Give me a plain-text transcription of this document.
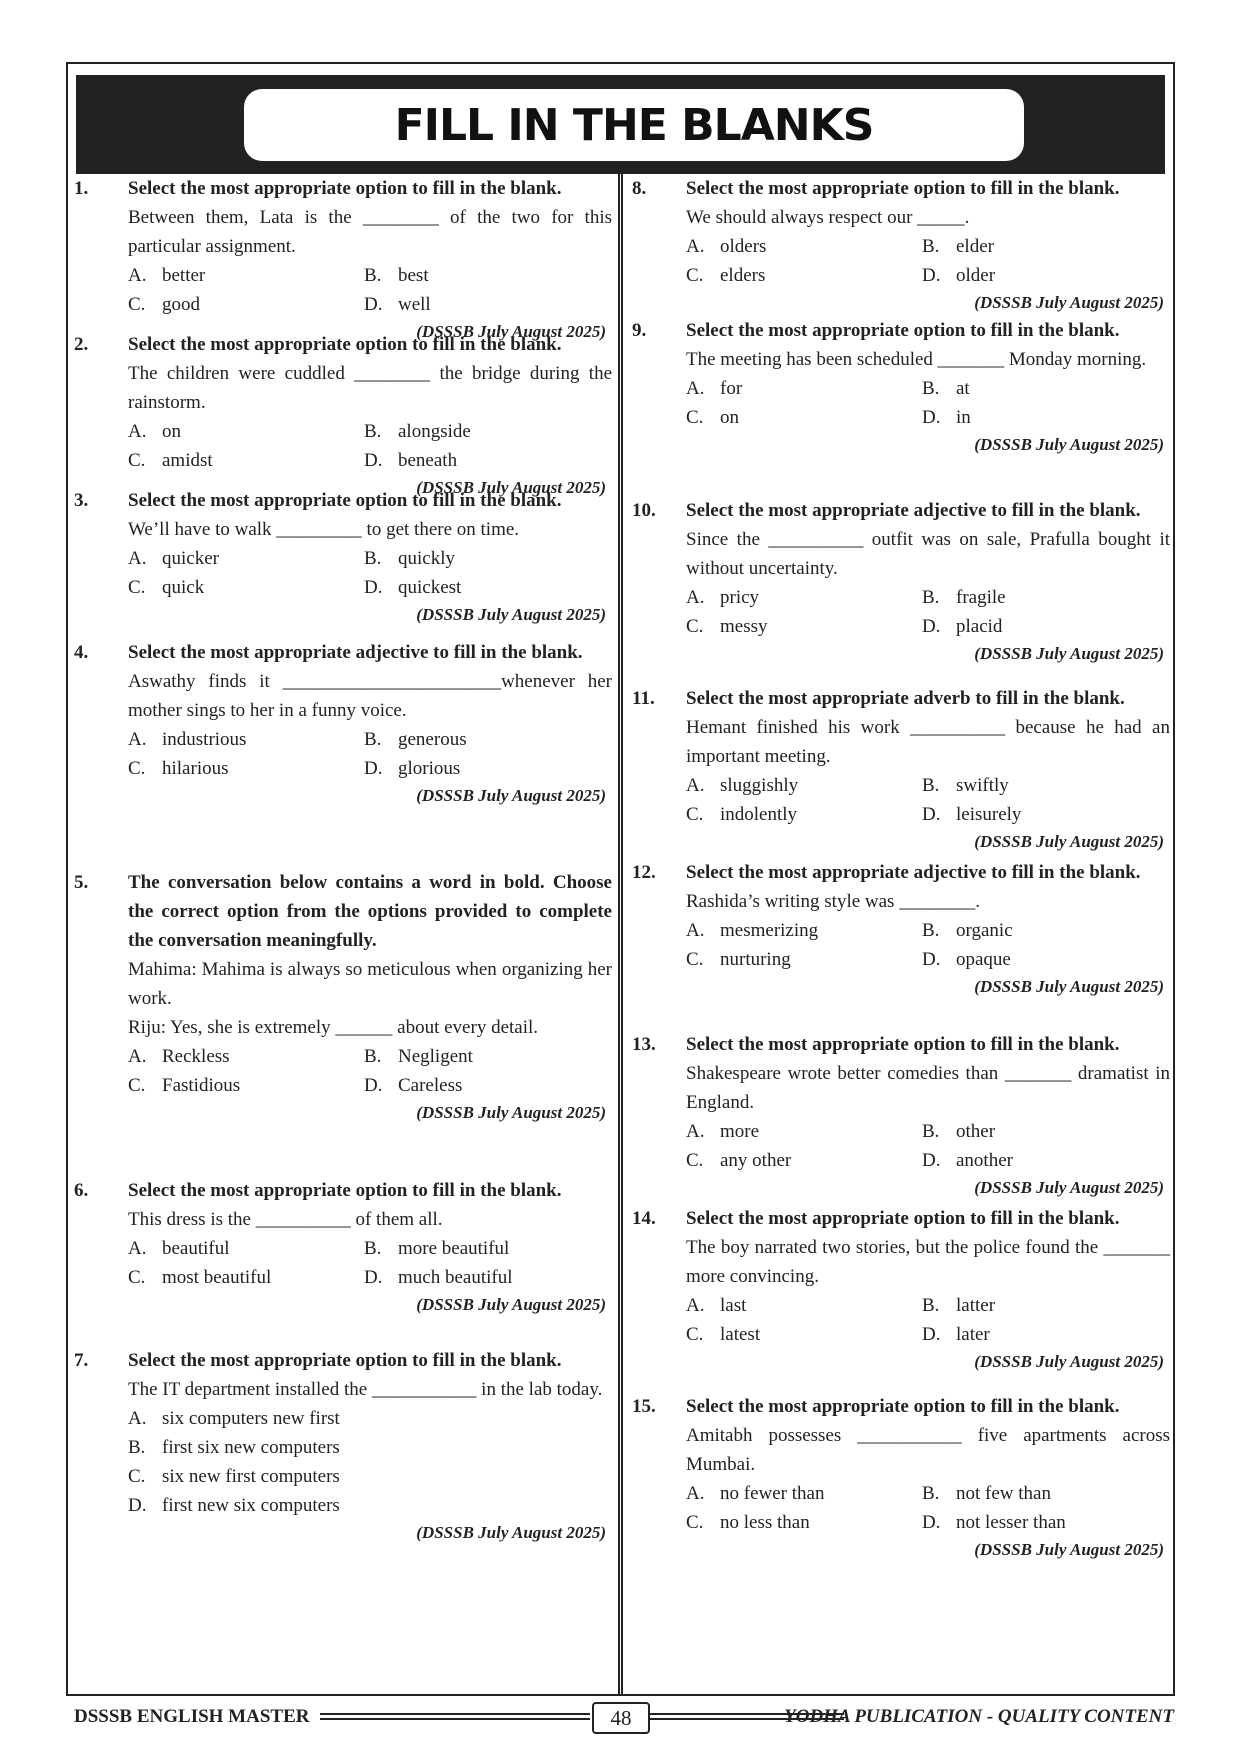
FILL IN THE BLANKS
1. Select the most appropriate option to fill in the blank.
Between them, Lata is the ________ of the two for this particular assignment.
A. better	B. best
C. good	D. well
(DSSSB July August 2025)
2. Select the most appropriate option to fill in the blank.
The children were cuddled ________ the bridge during the rainstorm.
A. on	B. alongside
C. amidst	D. beneath
(DSSSB July August 2025)
3. Select the most appropriate option to fill in the blank.
We’ll have to walk _________ to get there on time.
A. quicker	B. quickly
C. quick	D. quickest
(DSSSB July August 2025)
4. Select the most appropriate adjective to fill in the blank.
Aswathy finds it _______________________whenever her mother sings to her in a funny voice.
A. industrious	B. generous
C. hilarious	D. glorious
(DSSSB July August 2025)
5. The conversation below contains a word in bold. Choose the correct option from the options provided to complete the conversation meaningfully.
Mahima: Mahima is always so meticulous when organizing her work.
Riju: Yes, she is extremely ______ about every detail.
A. Reckless	B. Negligent
C. Fastidious	D. Careless
(DSSSB July August 2025)
6. Select the most appropriate option to fill in the blank.
This dress is the __________ of them all.
A. beautiful	B. more beautiful
C. most beautiful	D. much beautiful
(DSSSB July August 2025)
7. Select the most appropriate option to fill in the blank.
The IT department installed the ___________ in the lab today.
A. six computers new first
B. first six new computers
C. six new first computers
D. first new six computers
(DSSSB July August 2025)
8. Select the most appropriate option to fill in the blank.
We should always respect our _____.
A. olders	B. elder
C. elders	D. older
(DSSSB July August 2025)
9. Select the most appropriate option to fill in the blank.
The meeting has been scheduled _______ Monday morning.
A. for	B. at
C. on	D. in
(DSSSB July August 2025)
10. Select the most appropriate adjective to fill in the blank.
Since the __________ outfit was on sale, Prafulla bought it without uncertainty.
A. pricy	B. fragile
C. messy	D. placid
(DSSSB July August 2025)
11. Select the most appropriate adverb to fill in the blank.
Hemant finished his work __________ because he had an important meeting.
A. sluggishly	B. swiftly
C. indolently	D. leisurely
(DSSSB July August 2025)
12. Select the most appropriate adjective to fill in the blank.
Rashida’s writing style was ________.
A. mesmerizing	B. organic
C. nurturing	D. opaque
(DSSSB July August 2025)
13. Select the most appropriate option to fill in the blank.
Shakespeare wrote better comedies than _______ dramatist in England.
A. more	B. other
C. any other	D. another
(DSSSB July August 2025)
14. Select the most appropriate option to fill in the blank.
The boy narrated two stories, but the police found the _______ more convincing.
A. last	B. latter
C. latest	D. later
(DSSSB July August 2025)
15. Select the most appropriate option to fill in the blank.
Amitabh possesses ___________ five apartments across Mumbai.
A. no fewer than	B. not few than
C. no less than	D. not lesser than
(DSSSB July August 2025)
DSSSB ENGLISH MASTER	48	YODHA PUBLICATION - QUALITY CONTENT
